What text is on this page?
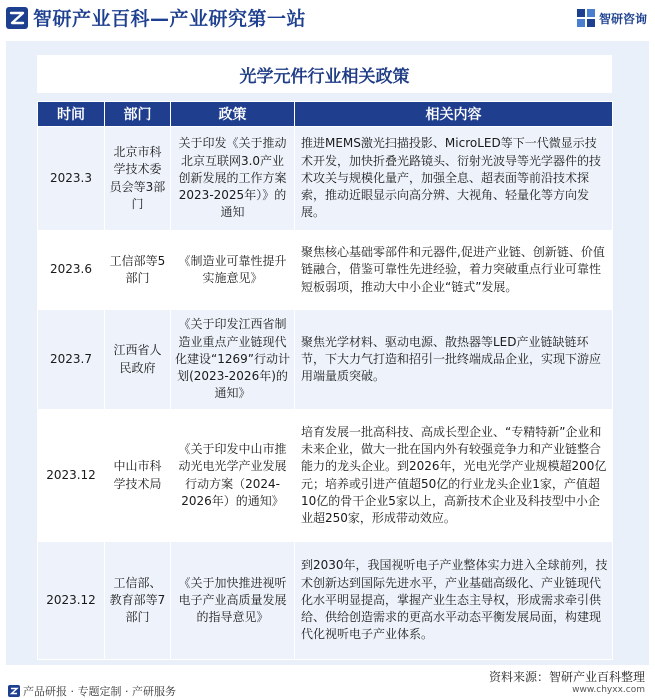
智研产业百科—产业研究第一站	智研咨询
光学元件行业相关政策
时间	部门	政策	相关内容
2023.3	北京市科学技术委员会等3部门	关于印发《关于推动北京互联网3.0产业创新发展的工作方案2023-2025年）》的通知	推进MEMS激光扫描投影、MicroLED等下一代微显示技术开发，加快折叠光路镜头、衍射光波导等光学器件的技术攻关与规模化量产，加强全息、超表面等前沿技术探索，推动近眼显示向高分辨、大视角、轻量化等方向发展。
2023.6	工信部等5部门	《制造业可靠性提升实施意见》	聚焦核心基础零部件和元器件,促进产业链、创新链、价值链融合，借鉴可靠性先进经验，着力突破重点行业可靠性短板弱项，推动大中小企业“链式”发展。
2023.7	江西省人民政府	《关于印发江西省制造业重点产业链现代化建设“1269”行动计划(2023-2026年)的通知》	聚焦光学材料、驱动电源、散热器等LED产业链缺链环节，下大力气打造和招引一批终端成品企业，实现下游应用端量质突破。
2023.12	中山市科学技术局	《关于印发中山市推动光电光学产业发展行动方案（2024-2026年）的通知》	培育发展一批高科技、高成长型企业、“专精特新”企业和未来企业，做大一批在国内外有较强竞争力和产业链整合能力的龙头企业。到2026年，光电光学产业规模超200亿元；培养或引进产值超50亿的行业龙头企业1家，产值超10亿的骨干企业5家以上，高新技术企业及科技型中小企业超250家，形成带动效应。
2023.12	工信部、教育部等7部门	《关于加快推进视听电子产业高质量发展的指导意见》	到2030年，我国视听电子产业整体实力进入全球前列，技术创新达到国际先进水平，产业基础高级化、产业链现代化水平明显提高，掌握产业生态主导权，形成需求牵引供给、供给创造需求的更高水平动态平衡发展局面，构建现代化视听电子产业体系。
产品研报 · 专题定制 · 产研服务
资料来源：智研产业百科整理
www.chyxx.com
